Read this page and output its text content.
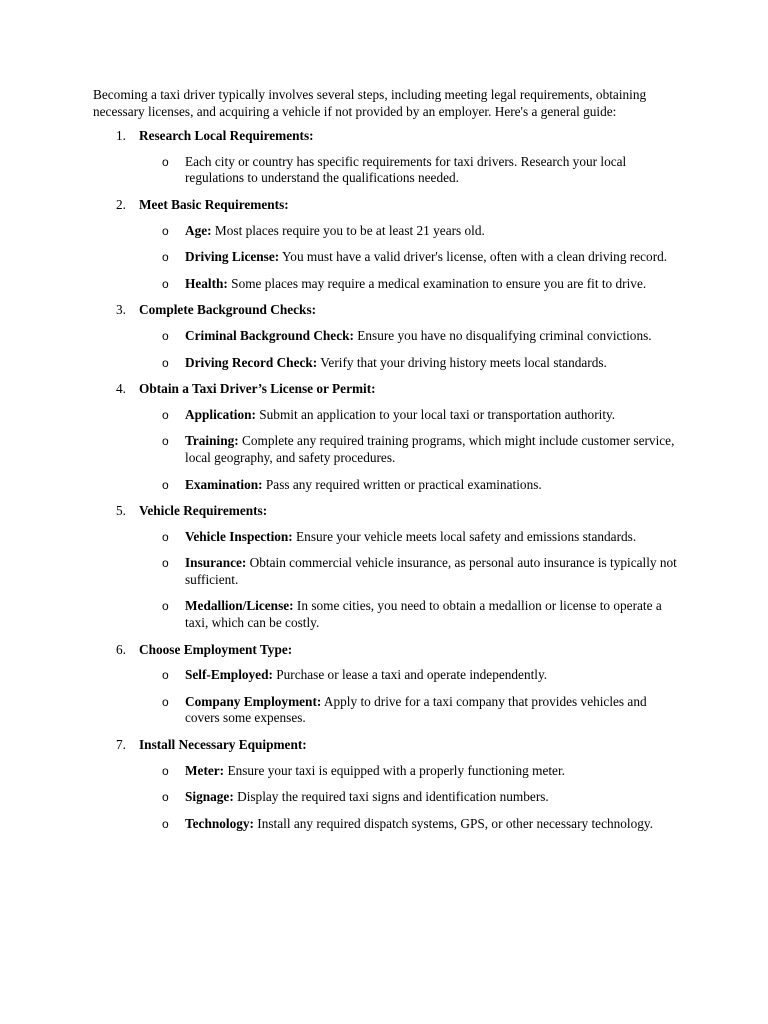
Becoming a taxi driver typically involves several steps, including meeting legal requirements, obtaining necessary licenses, and acquiring a vehicle if not provided by an employer. Here's a general guide:

1. Research Local Requirements:
o Each city or country has specific requirements for taxi drivers. Research your local regulations to understand the qualifications needed.
2. Meet Basic Requirements:
o Age: Most places require you to be at least 21 years old.
o Driving License: You must have a valid driver's license, often with a clean driving record.
o Health: Some places may require a medical examination to ensure you are fit to drive.
3. Complete Background Checks:
o Criminal Background Check: Ensure you have no disqualifying criminal convictions.
o Driving Record Check: Verify that your driving history meets local standards.
4. Obtain a Taxi Driver’s License or Permit:
o Application: Submit an application to your local taxi or transportation authority.
o Training: Complete any required training programs, which might include customer service, local geography, and safety procedures.
o Examination: Pass any required written or practical examinations.
5. Vehicle Requirements:
o Vehicle Inspection: Ensure your vehicle meets local safety and emissions standards.
o Insurance: Obtain commercial vehicle insurance, as personal auto insurance is typically not sufficient.
o Medallion/License: In some cities, you need to obtain a medallion or license to operate a taxi, which can be costly.
6. Choose Employment Type:
o Self-Employed: Purchase or lease a taxi and operate independently.
o Company Employment: Apply to drive for a taxi company that provides vehicles and covers some expenses.
7. Install Necessary Equipment:
o Meter: Ensure your taxi is equipped with a properly functioning meter.
o Signage: Display the required taxi signs and identification numbers.
o Technology: Install any required dispatch systems, GPS, or other necessary technology.
